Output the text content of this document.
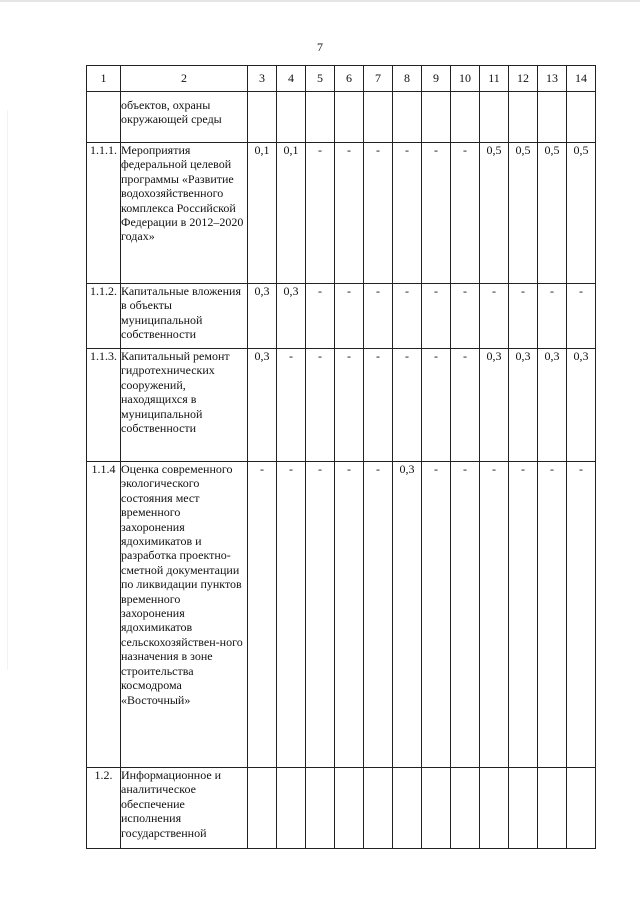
7
1	2	3	4	5	6	7	8	9	10	11	12	13	14
	объектов, охраны окружающей среды												
1.1.1.	Мероприятия федеральной целевой программы «Развитие водохозяйственного комплекса Российской Федерации в 2012–2020 годах»	0,1	0,1	-	-	-	-	-	-	0,5	0,5	0,5	0,5
1.1.2.	Капитальные вложения в объекты муниципальной собственности	0,3	0,3	-	-	-	-	-	-	-	-	-	-
1.1.3.	Капитальный ремонт гидротехнических сооружений, находящихся в муниципальной собственности	0,3	-	-	-	-	-	-	-	0,3	0,3	0,3	0,3
1.1.4	Оценка современного экологического состояния мест временного захоронения ядохимикатов и разработка проектно-сметной документации по ликвидации пунктов временного захоронения ядохимикатов сельскохозяйствен-ного назначения в зоне строительства космодрома «Восточный»	-	-	-	-	-	0,3	-	-	-	-	-	-
1.2.	Информационное и аналитическое обеспечение исполнения государственной												
